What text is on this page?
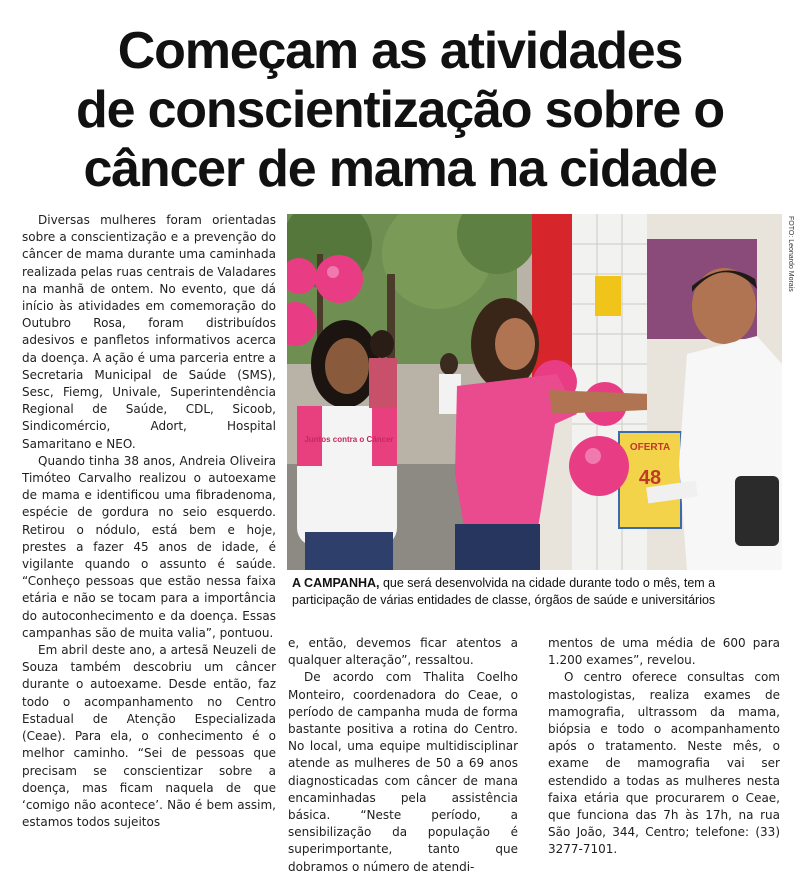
Começam as atividades
de conscientização sobre o
câncer de mama na cidade

Diversas mulheres foram orientadas sobre a conscientização e a prevenção do câncer de mama durante uma caminhada realizada pelas ruas centrais de Valadares na manhã de ontem. No evento, que dá início às atividades em comemoração do Outubro Rosa, foram distribuídos adesivos e panfletos informativos acerca da doença. A ação é uma parceria entre a Secretaria Municipal de Saúde (SMS), Sesc, Fiemg, Univale, Superintendência Regional de Saúde, CDL, Sicoob, Sindicomércio, Adort, Hospital Samaritano e NEO.

Quando tinha 38 anos, Andreia Oliveira Timóteo Carvalho realizou o autoexame de mama e identificou uma fibradenoma, espécie de gordura no seio esquerdo. Retirou o nódulo, está bem e hoje, prestes a fazer 45 anos de idade, é vigilante quando o assunto é saúde. “Conheço pessoas que estão nessa faixa etária e não se tocam para a importância do autoconhecimento e da doença. Essas campanhas são de muita valia”, pontuou.

Em abril deste ano, a artesã Neuzeli de Souza também descobriu um câncer durante o autoexame. Desde então, faz todo o acompanhamento no Centro Estadual de Atenção Especializada (Ceae). Para ela, o conhecimento é o melhor caminho. “Sei de pessoas que precisam se conscientizar sobre a doença, mas ficam naquela de que ‘comigo não acontece’. Não é bem assim, estamos todos sujeitos

OFERTA
48
Juntos contra o Câncer
FOTO: Leonardo Morais
A CAMPANHA, que será desenvolvida na cidade durante todo o mês, tem a participação de várias entidades de classe, órgãos de saúde e universitários

e, então, devemos ficar atentos a qualquer alteração”, ressaltou.

De acordo com Thalita Coelho Monteiro, coordenadora do Ceae, o período de campanha muda de forma bastante positiva a rotina do Centro. No local, uma equipe multidisciplinar atende as mulheres de 50 a 69 anos diagnosticadas com câncer de mana encaminhadas pela assistência básica. “Neste período, a sensibilização da população é superimportante, tanto que dobramos o número de atendi-

mentos de uma média de 600 para 1.200 exames”, revelou.

O centro oferece consultas com mastologistas, realiza exames de mamografia, ultrassom da mama, biópsia e todo o acompanhamento após o tratamento. Neste mês, o exame de mamografia vai ser estendido a todas as mulheres nesta faixa etária que procurarem o Ceae, que funciona das 7h às 17h, na rua São João, 344, Centro; telefone: (33) 3277-7101.
